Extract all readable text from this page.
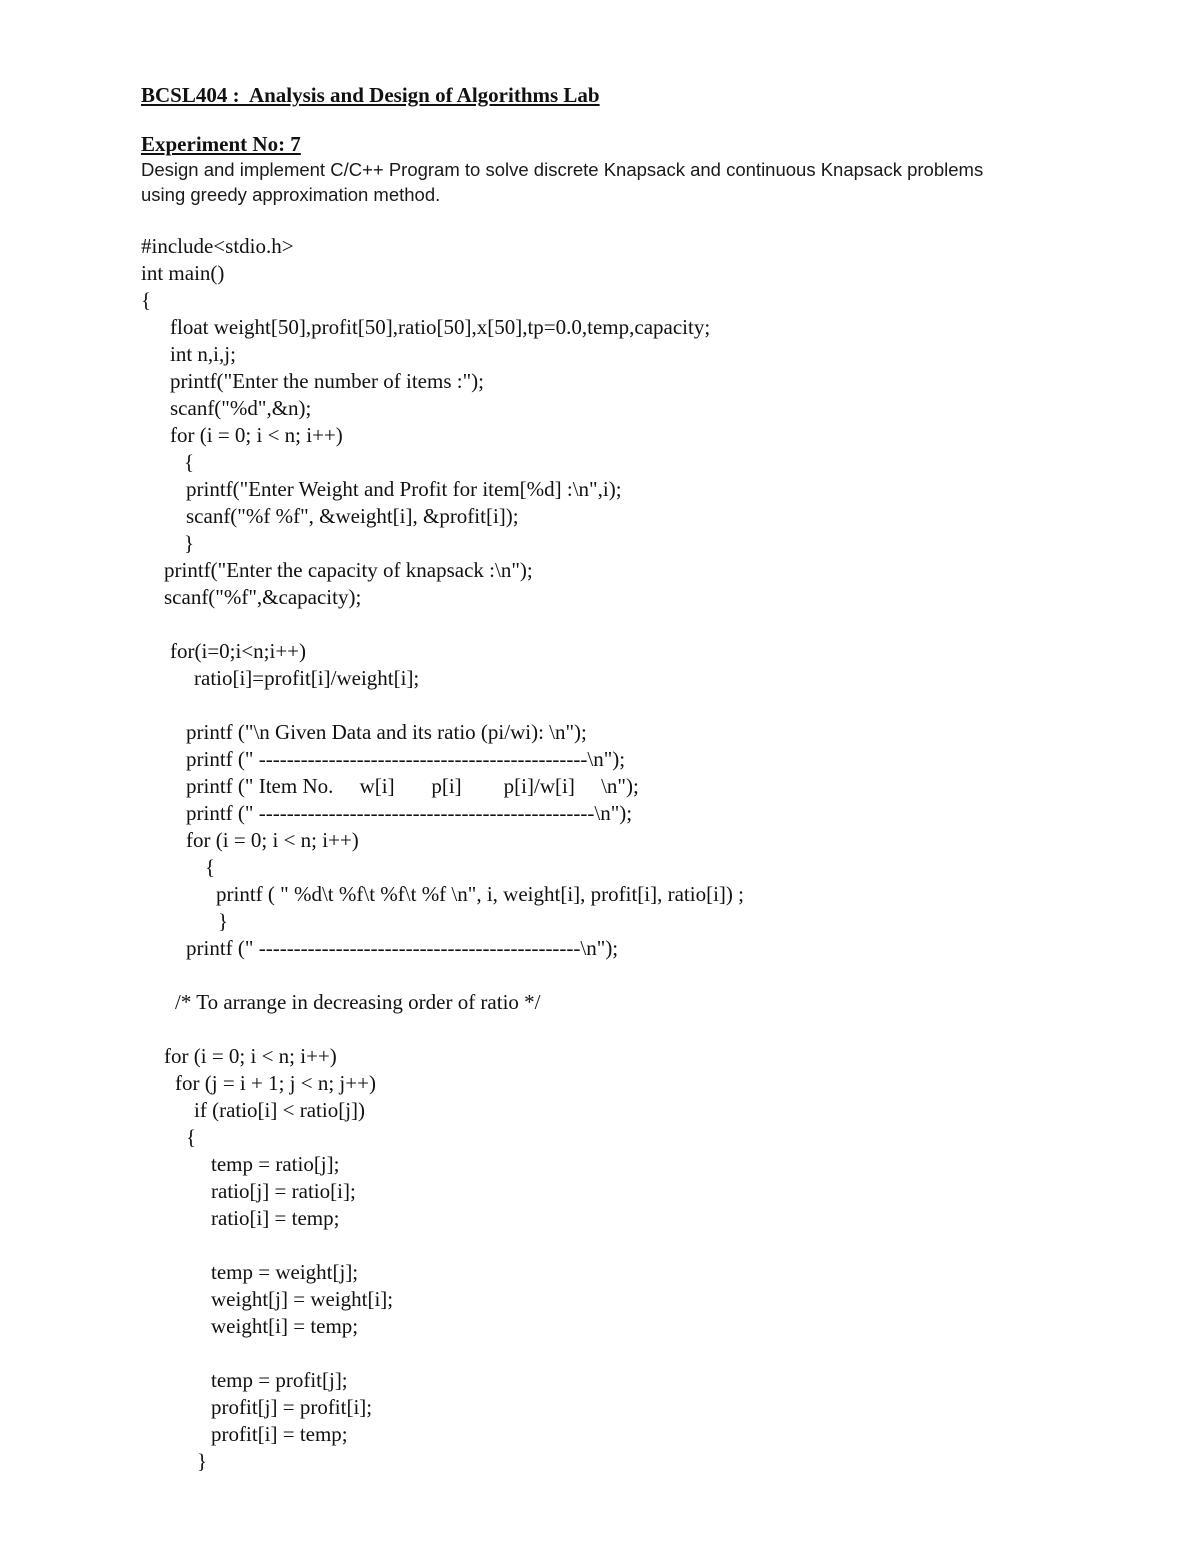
BCSL404 :  Analysis and Design of Algorithms Lab
Experiment No: 7
Design and implement C/C++ Program to solve discrete Knapsack and continuous Knapsack problems
using greedy approximation method.
#include<stdio.h>
int main()
{
float weight[50],profit[50],ratio[50],x[50],tp=0.0,temp,capacity;
int n,i,j;
printf("Enter the number of items :");
scanf("%d",&n);
for (i = 0; i < n; i++)
{
printf("Enter Weight and Profit for item[%d] :\n",i);
scanf("%f %f", &weight[i], &profit[i]);
}
printf("Enter the capacity of knapsack :\n");
scanf("%f",&capacity);
for(i=0;i<n;i++)
ratio[i]=profit[i]/weight[i];
printf ("\n Given Data and its ratio (pi/wi): \n");
printf (" -----------------------------------------------\n");
printf (" Item No.     w[i]       p[i]        p[i]/w[i]     \n");
printf (" ------------------------------------------------\n");
for (i = 0; i < n; i++)
{
printf ( " %d\t %f\t %f\t %f \n", i, weight[i], profit[i], ratio[i]) ;
}
printf (" ----------------------------------------------\n");
/* To arrange in decreasing order of ratio */
for (i = 0; i < n; i++)
for (j = i + 1; j < n; j++)
if (ratio[i] < ratio[j])
{
temp = ratio[j];
ratio[j] = ratio[i];
ratio[i] = temp;
temp = weight[j];
weight[j] = weight[i];
weight[i] = temp;
temp = profit[j];
profit[j] = profit[i];
profit[i] = temp;
}
